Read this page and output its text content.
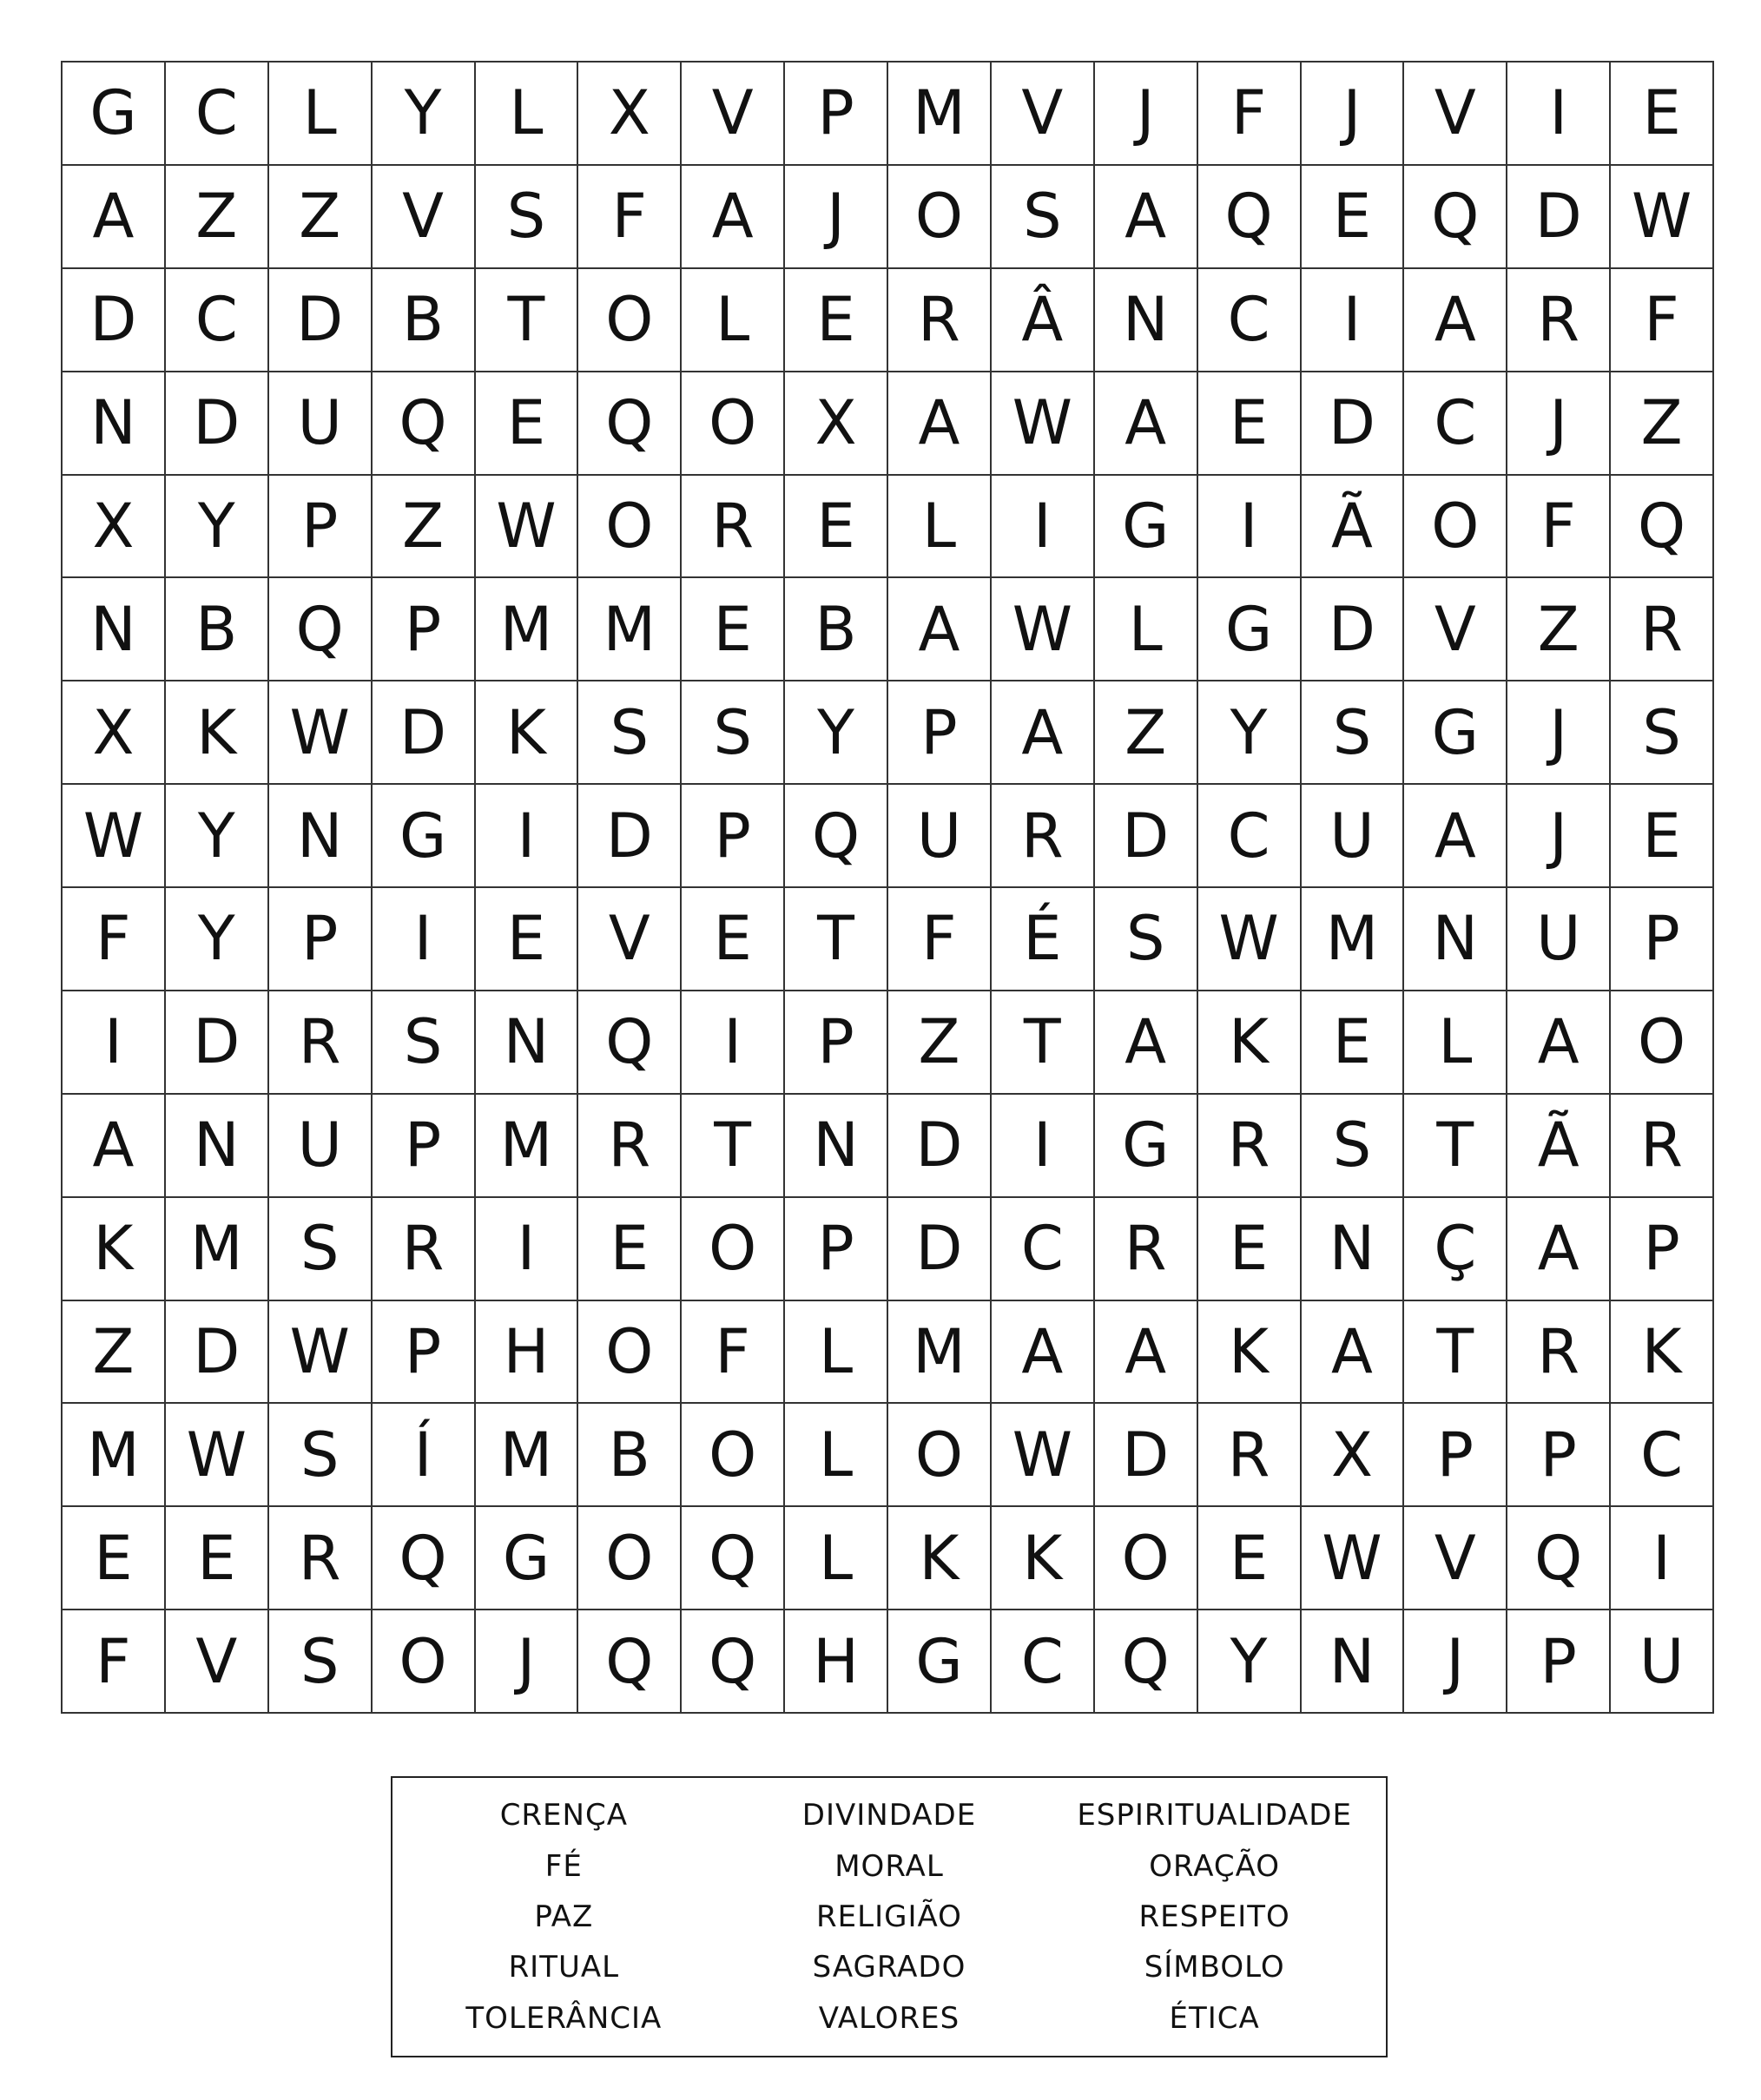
G C	L	Y	L	X	V	P M V	J	F	J	V	I	E
A	Z	Z	V	S	F	A	J	O S	A Q E Q D W
D C D B	T O	L	E	R	Â N C	I	A	R	F
N D U Q E Q O X	A W A	E D C	J	Z
X	Y	P	Z W O R	E	L	I	G	I	Ã O	F	Q
N B Q	P M M E	B	A W L	G D V	Z	R
X	K W D K	S	S	Y	P	A	Z	Y	S G	J	S
W Y	N G	I	D	P	Q U R D C U A	J	E
F	Y	P	I	E	V	E	T	F	É	S W M N U	P
I	D R	S	N Q	I	P	Z	T	A	K	E	L	A O
A N U	P M R	T	N D	I	G R	S	T	Ã	R
K M S	R	I	E O	P	D C	R	E	N Ç	A	P
Z D W P	H O	F	L M A	A	K	A	T	R	K
M W S	Í	M B O	L	O W D R	X	P	P	C
E	E	R Q G O Q	L	K	K O E W V Q	I
F	V	S O	J	Q Q H G C Q Y	N	J	P	U
CRENÇA	DIVINDADE	ESPIRITUALIDADE
FÉ	MORAL	ORAÇÃO
PAZ	RELIGIÃO	RESPEITO
RITUAL	SAGRADO	SÍMBOLO
TOLERÂNCIA	VALORES	ÉTICA
